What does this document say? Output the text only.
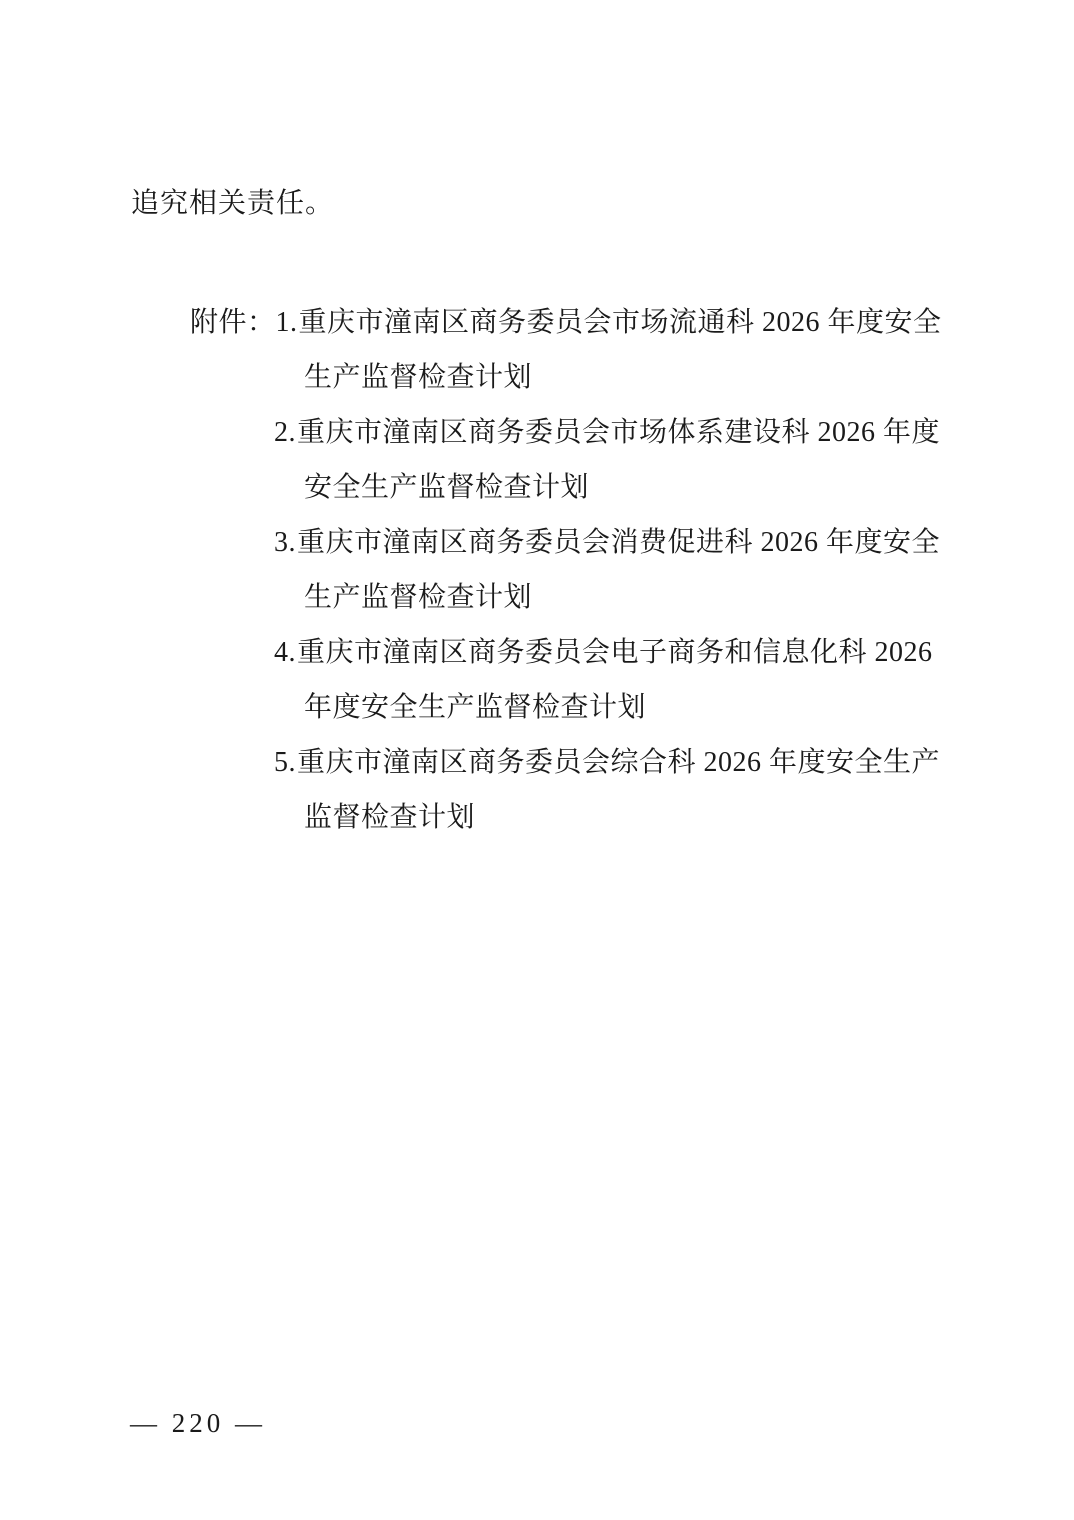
追究相关责任。
附件：1.重庆市潼南区商务委员会市场流通科 2026 年度安全
生产监督检查计划
2.重庆市潼南区商务委员会市场体系建设科 2026 年度
安全生产监督检查计划
3.重庆市潼南区商务委员会消费促进科 2026 年度安全
生产监督检查计划
4.重庆市潼南区商务委员会电子商务和信息化科 2026
年度安全生产监督检查计划
5.重庆市潼南区商务委员会综合科 2026 年度安全生产
监督检查计划
— 220 —
